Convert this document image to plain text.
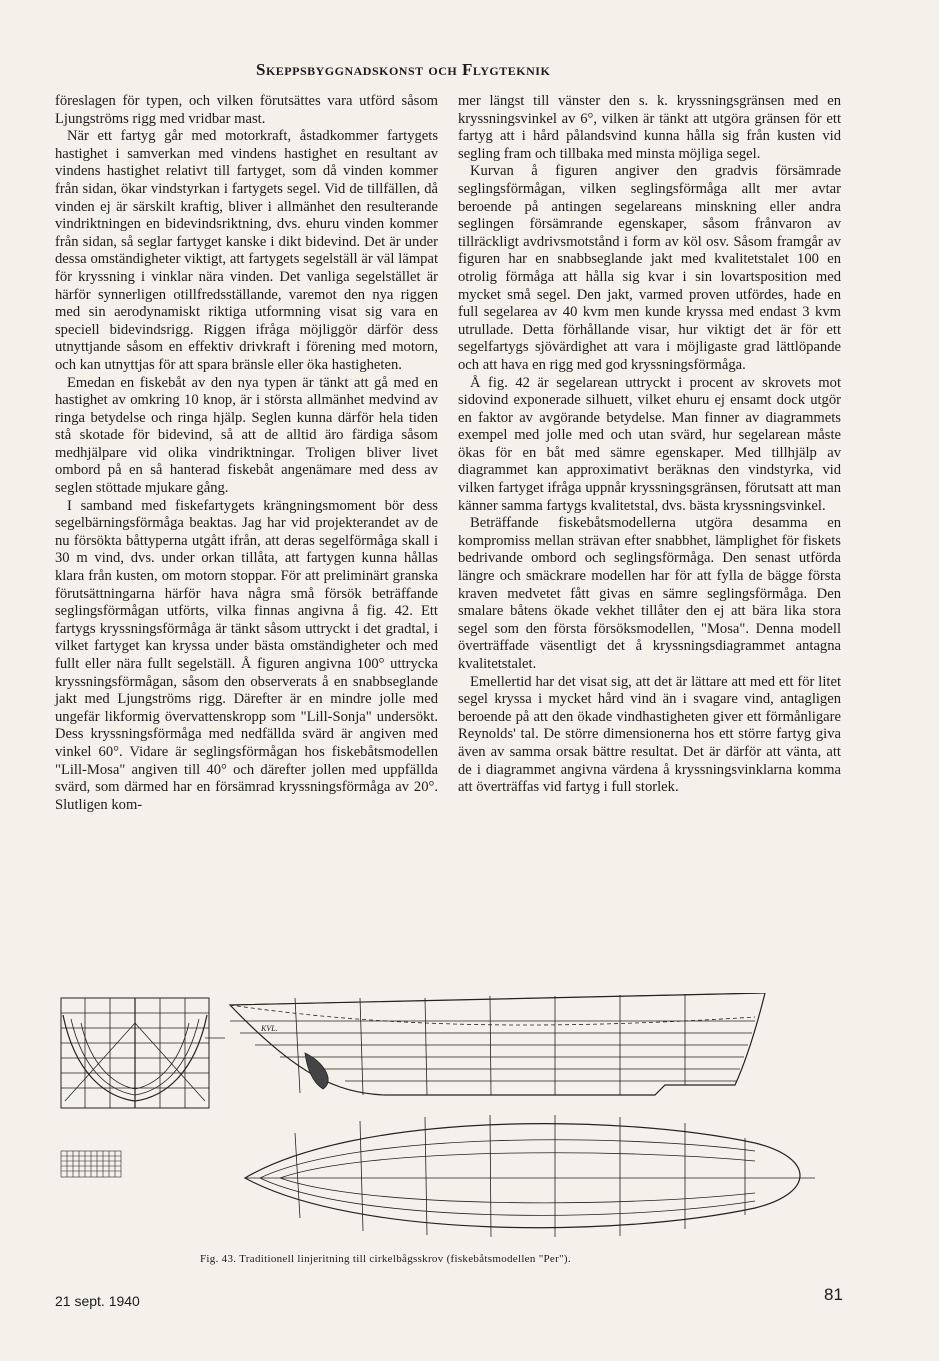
Skeppsbyggnadskonst och Flygteknik

föreslagen för typen, och vilken förutsättes vara utförd såsom Ljungströms rigg med vridbar mast.

När ett fartyg går med motorkraft, åstadkommer fartygets hastighet i samverkan med vindens hastighet en resultant av vindens hastighet relativt till fartyget, som då vinden kommer från sidan, ökar vindstyrkan i fartygets segel. Vid de tillfällen, då vinden ej är särskilt kraftig, bliver i allmänhet den resulterande vindriktningen en bidevindsriktning, dvs. ehuru vinden kommer från sidan, så seglar fartyget kanske i dikt bidevind. Det är under dessa omständigheter viktigt, att fartygets segelställ är väl lämpat för kryssning i vinklar nära vinden. Det vanliga segelstället är härför synnerligen otillfredsställande, varemot den nya riggen med sin aerodynamiskt riktiga utformning visat sig vara en speciell bidevindsrigg. Riggen ifråga möjliggör därför dess utnyttjande såsom en effektiv drivkraft i förening med motorn, och kan utnyttjas för att spara bränsle eller öka hastigheten.

Emedan en fiskebåt av den nya typen är tänkt att gå med en hastighet av omkring 10 knop, är i största allmänhet medvind av ringa betydelse och ringa hjälp. Seglen kunna därför hela tiden stå skotade för bidevind, så att de alltid äro färdiga såsom medhjälpare vid olika vindriktningar. Troligen bliver livet ombord på en så hanterad fiskebåt angenämare med dess av seglen stöttade mjukare gång.

I samband med fiskefartygets krängningsmoment bör dess segelbärningsförmåga beaktas. Jag har vid projekterandet av de nu försökta båttyperna utgått ifrån, att deras segelförmåga skall i 30 m vind, dvs. under orkan tillåta, att fartygen kunna hållas klara från kusten, om motorn stoppar. För att preliminärt granska förutsättningarna härför hava några små försök beträffande seglingsförmågan utförts, vilka finnas angivna å fig. 42. Ett fartygs kryssningsförmåga är tänkt såsom uttryckt i det gradtal, i vilket fartyget kan kryssa under bästa omständigheter och med fullt eller nära fullt segelställ. Å figuren angivna 100° uttrycka kryssningsförmågan, såsom den observerats å en snabbseglande jakt med Ljungströms rigg. Därefter är en mindre jolle med ungefär likformig övervattenskropp som "Lill-Sonja" undersökt. Dess kryssningsförmåga med nedfällda svärd är angiven med vinkel 60°. Vidare är seglingsförmågan hos fiskebåtsmodellen "Lill-Mosa" angiven till 40° och därefter jollen med uppfällda svärd, som därmed har en försämrad kryssningsförmåga av 20°. Slutligen kom-

mer längst till vänster den s. k. kryssningsgränsen med en kryssningsvinkel av 6°, vilken är tänkt att utgöra gränsen för ett fartyg att i hård pålandsvind kunna hålla sig från kusten vid segling fram och tillbaka med minsta möjliga segel.

Kurvan å figuren angiver den gradvis försämrade seglingsförmågan, vilken seglingsförmåga allt mer avtar beroende på antingen segelareans minskning eller andra seglingen försämrande egenskaper, såsom frånvaron av tillräckligt avdrivsmotstånd i form av köl osv. Såsom framgår av figuren har en snabbseglande jakt med kvalitetstalet 100 en otrolig förmåga att hålla sig kvar i sin lovartsposition med mycket små segel. Den jakt, varmed proven utfördes, hade en full segelarea av 40 kvm men kunde kryssa med endast 3 kvm utrullade. Detta förhållande visar, hur viktigt det är för ett segelfartygs sjövärdighet att vara i möjligaste grad lättlöpande och att hava en rigg med god kryssningsförmåga.

Å fig. 42 är segelarean uttryckt i procent av skrovets mot sidovind exponerade silhuett, vilket ehuru ej ensamt dock utgör en faktor av avgörande betydelse. Man finner av diagrammets exempel med jolle med och utan svärd, hur segelarean måste ökas för en båt med sämre egenskaper. Med tillhjälp av diagrammet kan approximativt beräknas den vindstyrka, vid vilken fartyget ifråga uppnår kryssningsgränsen, förutsatt att man känner samma fartygs kvalitetstal, dvs. bästa kryssningsvinkel.

Beträffande fiskebåtsmodellerna utgöra desamma en kompromiss mellan strävan efter snabbhet, lämplighet för fiskets bedrivande ombord och seglingsförmåga. Den senast utförda längre och smäckrare modellen har för att fylla de bägge första kraven medvetet fått givas en sämre seglingsförmåga. Den smalare båtens ökade vekhet tillåter den ej att bära lika stora segel som den första försöksmodellen, "Mosa". Denna modell överträffade väsentligt det å kryssningsdiagrammet antagna kvalitetstalet.

Emellertid har det visat sig, att det är lättare att med ett för litet segel kryssa i mycket hård vind än i svagare vind, antagligen beroende på att den ökade vindhastigheten giver ett förmånligare Reynolds' tal. De större dimensionerna hos ett större fartyg giva även av samma orsak bättre resultat. Det är därför att vänta, att de i diagrammet angivna värdena å kryssningsvinklarna komma att överträffas vid fartyg i full storlek.

KVL.
Fig. 43. Traditionell linjeritning till cirkelbågsskrov (fiskebåtsmodellen "Per").
21 sept. 1940	81
